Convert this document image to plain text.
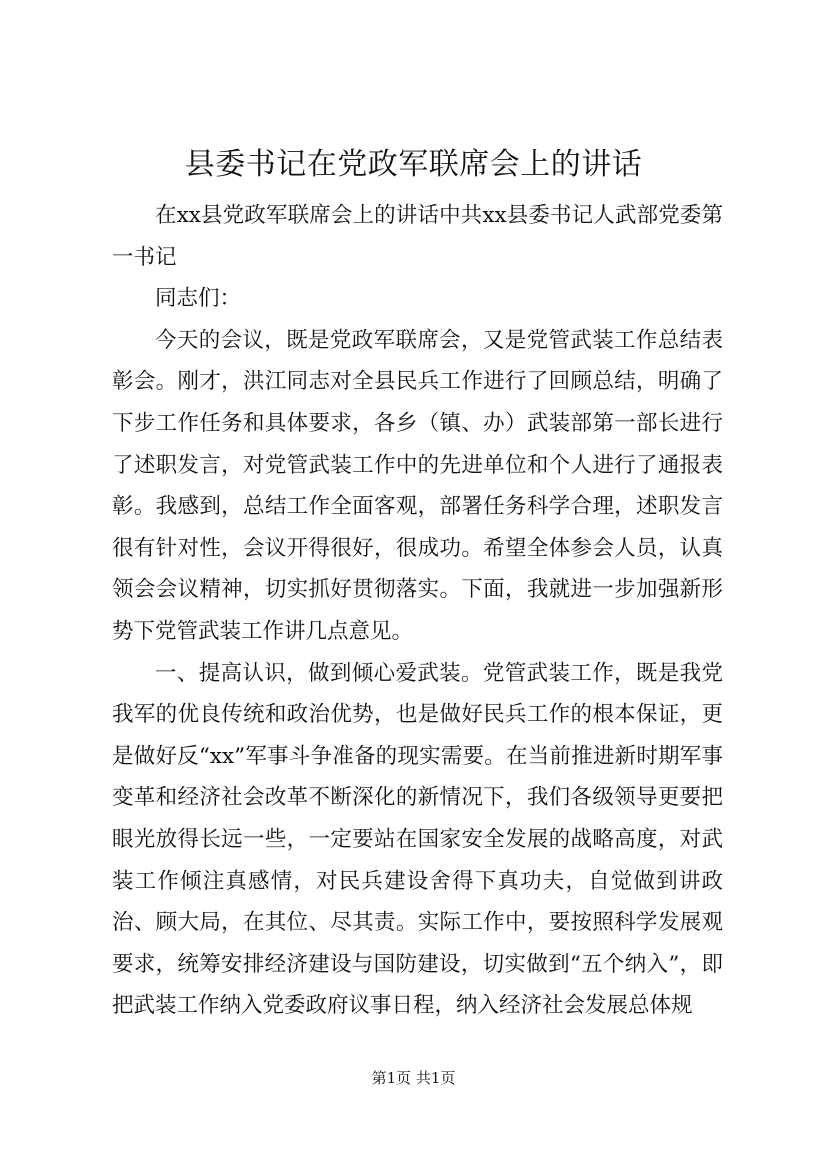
县委书记在党政军联席会上的讲话

在xx县党政军联席会上的讲话中共xx县委书记人武部党委第一书记

同志们：

今天的会议，既是党政军联席会，又是党管武装工作总结表彰会。刚才，洪江同志对全县民兵工作进行了回顾总结，明确了下步工作任务和具体要求，各乡（镇、办）武装部第一部长进行了述职发言，对党管武装工作中的先进单位和个人进行了通报表彰。我感到，总结工作全面客观，部署任务科学合理，述职发言很有针对性，会议开得很好，很成功。希望全体参会人员，认真领会会议精神，切实抓好贯彻落实。下面，我就进一步加强新形势下党管武装工作讲几点意见。

一、提高认识，做到倾心爱武装。党管武装工作，既是我党我军的优良传统和政治优势，也是做好民兵工作的根本保证，更是做好反“xx”军事斗争准备的现实需要。在当前推进新时期军事变革和经济社会改革不断深化的新情况下，我们各级领导更要把眼光放得长远一些，一定要站在国家安全发展的战略高度，对武装工作倾注真感情，对民兵建设舍得下真功夫，自觉做到讲政治、顾大局，在其位、尽其责。实际工作中，要按照科学发展观要求，统筹安排经济建设与国防建设，切实做到“五个纳入”，即把武装工作纳入党委政府议事日程，纳入经济社会发展总体规

第1页 共1页
